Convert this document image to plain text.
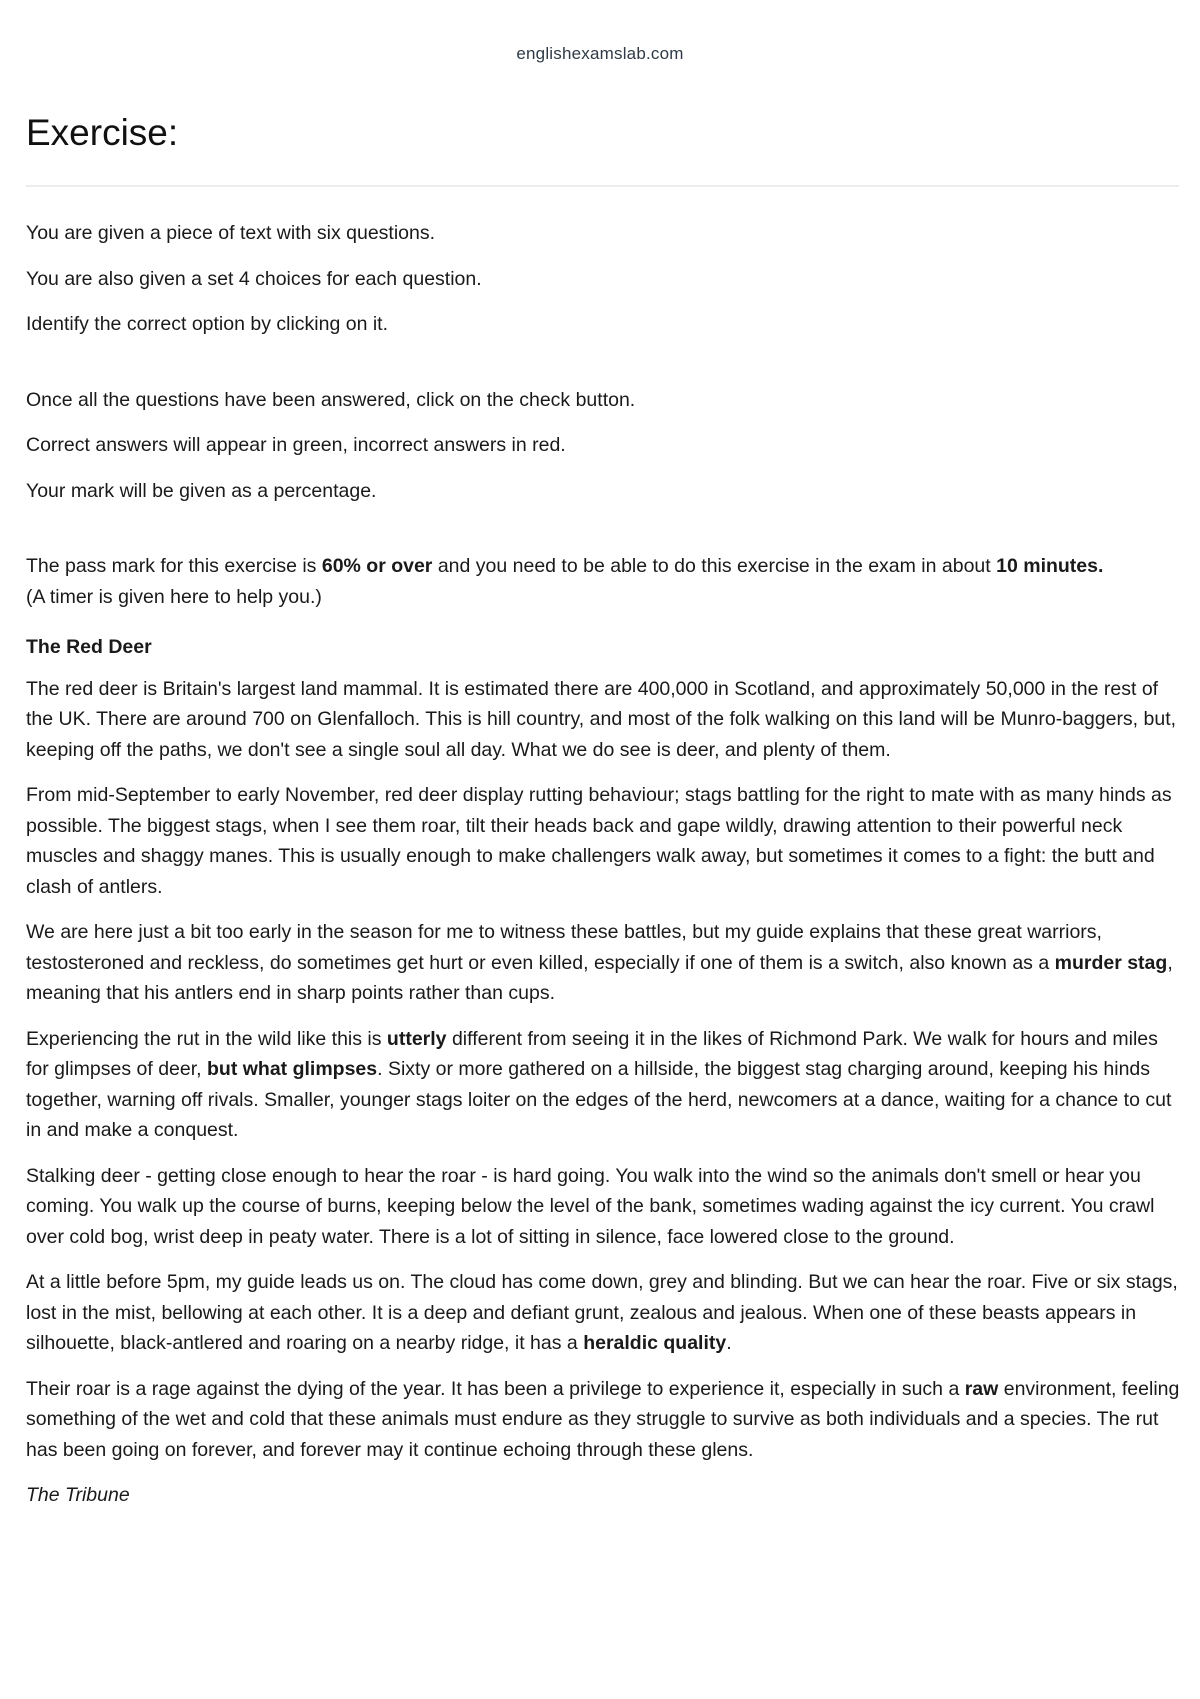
englishexamslab.com
Exercise:

You are given a piece of text with six questions.

You are also given a set 4 choices for each question.

Identify the correct option by clicking on it.

Once all the questions have been answered, click on the check button.

Correct answers will appear in green, incorrect answers in red.

Your mark will be given as a percentage.

The pass mark for this exercise is 60% or over and you need to be able to do this exercise in the exam in about 10 minutes.

(A timer is given here to help you.)

The Red Deer

The red deer is Britain's largest land mammal. It is estimated there are 400,000 in Scotland, and approximately 50,000 in the rest of the UK. There are around 700 on Glenfalloch. This is hill country, and most of the folk walking on this land will be Munro-baggers, but, keeping off the paths, we don't see a single soul all day. What we do see is deer, and plenty of them.

From mid-September to early November, red deer display rutting behaviour; stags battling for the right to mate with as many hinds as possible. The biggest stags, when I see them roar, tilt their heads back and gape wildly, drawing attention to their powerful neck muscles and shaggy manes. This is usually enough to make challengers walk away, but sometimes it comes to a fight: the butt and clash of antlers.

We are here just a bit too early in the season for me to witness these battles, but my guide explains that these great warriors, testosteroned and reckless, do sometimes get hurt or even killed, especially if one of them is a switch, also known as a murder stag, meaning that his antlers end in sharp points rather than cups.

Experiencing the rut in the wild like this is utterly different from seeing it in the likes of Richmond Park. We walk for hours and miles for glimpses of deer, but what glimpses. Sixty or more gathered on a hillside, the biggest stag charging around, keeping his hinds together, warning off rivals. Smaller, younger stags loiter on the edges of the herd, newcomers at a dance, waiting for a chance to cut in and make a conquest.

Stalking deer - getting close enough to hear the roar - is hard going. You walk into the wind so the animals don't smell or hear you coming. You walk up the course of burns, keeping below the level of the bank, sometimes wading against the icy current. You crawl over cold bog, wrist deep in peaty water. There is a lot of sitting in silence, face lowered close to the ground.

At a little before 5pm, my guide leads us on. The cloud has come down, grey and blinding. But we can hear the roar. Five or six stags, lost in the mist, bellowing at each other. It is a deep and defiant grunt, zealous and jealous. When one of these beasts appears in silhouette, black-antlered and roaring on a nearby ridge, it has a heraldic quality.

Their roar is a rage against the dying of the year. It has been a privilege to experience it, especially in such a raw environment, feeling something of the wet and cold that these animals must endure as they struggle to survive as both individuals and a species. The rut has been going on forever, and forever may it continue echoing through these glens.

The Tribune
